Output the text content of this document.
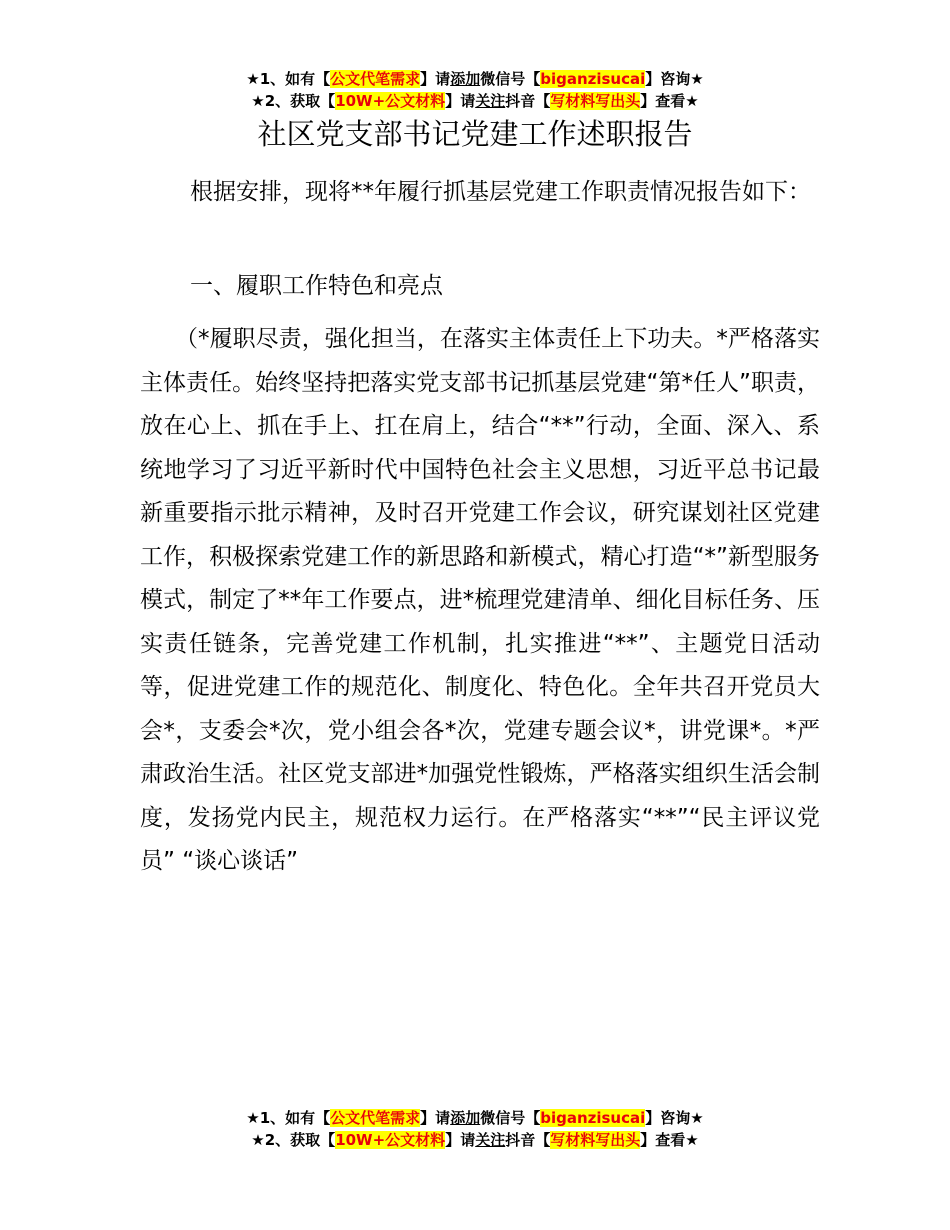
★1、如有【公文代笔需求】请添加微信号【biganzisucai】咨询★
★2、获取【10W+公文材料】请关注抖音【写材料写出头】查看★
社区党支部书记党建工作述职报告
根据安排，现将**年履行抓基层党建工作职责情况报告如下：
一、履职工作特色和亮点
（*履职尽责，强化担当，在落实主体责任上下功夫。*严格落实主体责任。始终坚持把落实党支部书记抓基层党建“第*任人”职责，放在心上、抓在手上、扛在肩上，结合“**”行动，全面、深入、系统地学习了习近平新时代中国特色社会主义思想，习近平总书记最新重要指示批示精神，及时召开党建工作会议，研究谋划社区党建工作，积极探索党建工作的新思路和新模式，精心打造“*”新型服务模式，制定了**年工作要点，进*梳理党建清单、细化目标任务、压实责任链条，完善党建工作机制，扎实推进“**”、主题党日活动等，促进党建工作的规范化、制度化、特色化。全年共召开党员大会*，支委会*次，党小组会各*次，党建专题会议*，讲党课*。*严肃政治生活。社区党支部进*加强党性锻炼，严格落实组织生活会制度，发扬党内民主，规范权力运行。在严格落实“**”“民主评议党员” “谈心谈话”
★1、如有【公文代笔需求】请添加微信号【biganzisucai】咨询★
★2、获取【10W+公文材料】请关注抖音【写材料写出头】查看★
